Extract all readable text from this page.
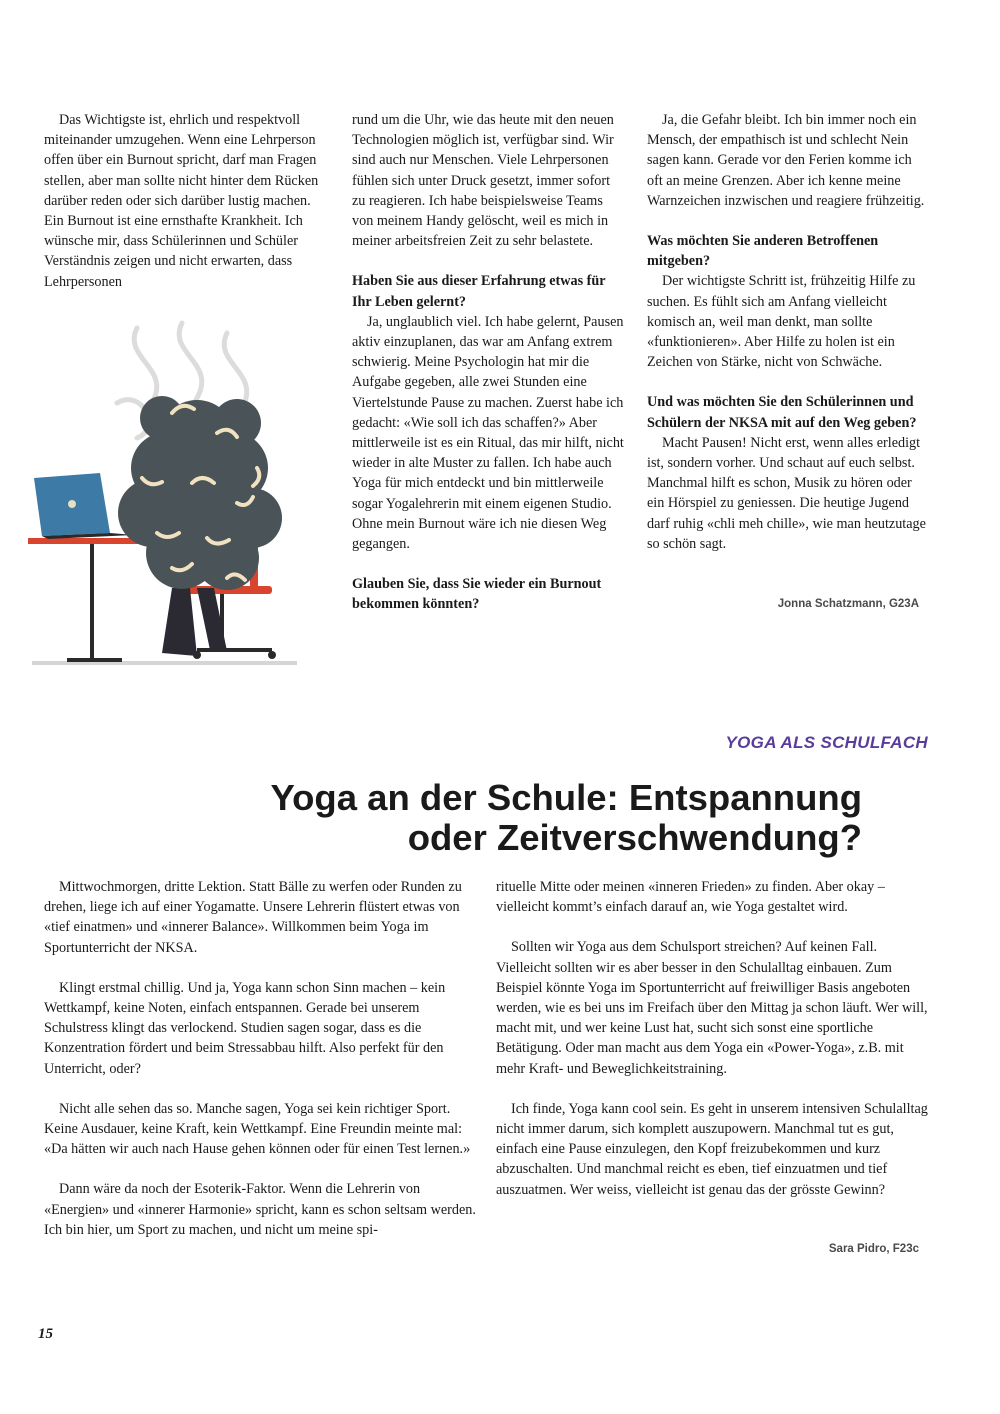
Das Wichtigste ist, ehrlich und respektvoll miteinander umzugehen. Wenn eine Lehrperson offen über ein Burnout spricht, darf man Fragen stellen, aber man sollte nicht hinter dem Rücken darüber reden oder sich darüber lustig machen. Ein Burnout ist eine ernsthafte Krankheit. Ich wünsche mir, dass Schülerinnen und Schüler Verständnis zeigen und nicht erwarten, dass Lehrpersonen

rund um die Uhr, wie das heute mit den neuen Technologien möglich ist, verfügbar sind. Wir sind auch nur Menschen. Viele Lehrpersonen fühlen sich unter Druck gesetzt, immer sofort zu reagieren. Ich habe beispielsweise Teams von meinem Handy gelöscht, weil es mich in meiner arbeitsfreien Zeit zu sehr belastete.

Haben Sie aus dieser Erfahrung etwas für Ihr Leben gelernt?

Ja, unglaublich viel. Ich habe gelernt, Pausen aktiv einzuplanen, das war am Anfang extrem schwierig. Meine Psychologin hat mir die Aufgabe gegeben, alle zwei Stunden eine Viertelstunde Pause zu machen. Zuerst habe ich gedacht: «Wie soll ich das schaffen?» Aber mittlerweile ist es ein Ritual, das mir hilft, nicht wieder in alte Muster zu fallen. Ich habe auch Yoga für mich entdeckt und bin mittlerweile sogar Yogalehrerin mit einem eigenen Studio. Ohne mein Burnout wäre ich nie diesen Weg gegangen.

Glauben Sie, dass Sie wieder ein Burnout bekommen könnten?

Ja, die Gefahr bleibt. Ich bin immer noch ein Mensch, der empathisch ist und schlecht Nein sagen kann. Gerade vor den Ferien komme ich oft an meine Grenzen. Aber ich kenne meine Warnzeichen inzwischen und reagiere frühzeitig.

Was möchten Sie anderen Betroffenen mitgeben?

Der wichtigste Schritt ist, frühzeitig Hilfe zu suchen. Es fühlt sich am Anfang vielleicht komisch an, weil man denkt, man sollte «funktionieren». Aber Hilfe zu holen ist ein Zeichen von Stärke, nicht von Schwäche.

Und was möchten Sie den Schülerinnen und Schülern der NKSA mit auf den Weg geben?

Macht Pausen! Nicht erst, wenn alles erledigt ist, sondern vorher. Und schaut auf euch selbst. Manchmal hilft es schon, Musik zu hören oder ein Hörspiel zu geniessen. Die heutige Jugend darf ruhig «chli meh chille», wie man heutzutage so schön sagt.

Jonna Schatzmann, G23A
YOGA ALS SCHULFACH
Yoga an der Schule: Entspannung
oder Zeitverschwendung?

Mittwochmorgen, dritte Lektion. Statt Bälle zu werfen oder Runden zu drehen, liege ich auf einer Yogamatte. Unsere Lehrerin flüstert etwas von «tief einatmen» und «innerer Balance». Willkommen beim Yoga im Sportunterricht der NKSA.

Klingt erstmal chillig. Und ja, Yoga kann schon Sinn machen – kein Wettkampf, keine Noten, einfach entspannen. Gerade bei unserem Schulstress klingt das verlockend. Studien sagen sogar, dass es die Konzentration fördert und beim Stressabbau hilft. Also perfekt für den Unterricht, oder?

Nicht alle sehen das so. Manche sagen, Yoga sei kein richtiger Sport. Keine Ausdauer, keine Kraft, kein Wettkampf. Eine Freundin meinte mal: «Da hätten wir auch nach Hause gehen können oder für einen Test lernen.»

Dann wäre da noch der Esoterik-Faktor. Wenn die Lehrerin von «Energien» und «innerer Harmonie» spricht, kann es schon seltsam werden. Ich bin hier, um Sport zu machen, und nicht um meine spi-

rituelle Mitte oder meinen «inneren Frieden» zu finden. Aber okay – vielleicht kommt’s einfach darauf an, wie Yoga gestaltet wird.

Sollten wir Yoga aus dem Schulsport streichen? Auf keinen Fall. Vielleicht sollten wir es aber besser in den Schulalltag einbauen. Zum Beispiel könnte Yoga im Sportunterricht auf freiwilliger Basis angeboten werden, wie es bei uns im Freifach über den Mittag ja schon läuft. Wer will, macht mit, und wer keine Lust hat, sucht sich sonst eine sportliche Betätigung. Oder man macht aus dem Yoga ein «Power-Yoga», z.B. mit mehr Kraft- und Beweglichkeitstraining.

Ich finde, Yoga kann cool sein. Es geht in unserem intensiven Schulalltag nicht immer darum, sich komplett auszupowern. Manchmal tut es gut, einfach eine Pause einzulegen, den Kopf freizubekommen und kurz abzuschalten. Und manchmal reicht es eben, tief einzuatmen und tief auszuatmen. Wer weiss, vielleicht ist genau das der grösste Gewinn?

Sara Pidro, F23c
15
